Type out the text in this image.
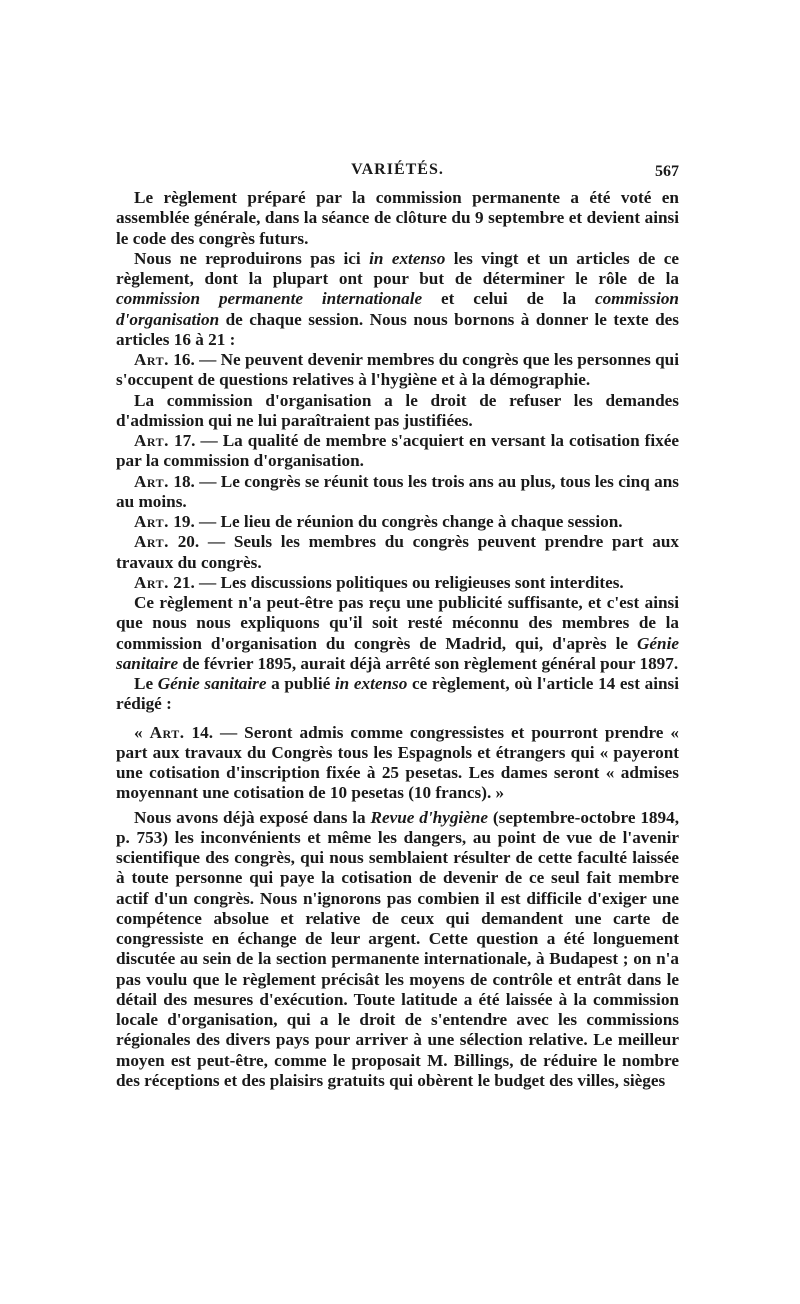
VARIÉTÉS.	567

Le règlement préparé par la commission permanente a été voté en assemblée générale, dans la séance de clôture du 9 septembre et devient ainsi le code des congrès futurs.

Nous ne reproduirons pas ici in extenso les vingt et un articles de ce règlement, dont la plupart ont pour but de déterminer le rôle de la commission permanente internationale et celui de la commission d'organisation de chaque session. Nous nous bornons à donner le texte des articles 16 à 21 :

Art. 16. — Ne peuvent devenir membres du congrès que les personnes qui s'occupent de questions relatives à l'hygiène et à la démographie.

La commission d'organisation a le droit de refuser les demandes d'admission qui ne lui paraîtraient pas justifiées.

Art. 17. — La qualité de membre s'acquiert en versant la cotisation fixée par la commission d'organisation.

Art. 18. — Le congrès se réunit tous les trois ans au plus, tous les cinq ans au moins.

Art. 19. — Le lieu de réunion du congrès change à chaque session.

Art. 20. — Seuls les membres du congrès peuvent prendre part aux travaux du congrès.

Art. 21. — Les discussions politiques ou religieuses sont interdites.

Ce règlement n'a peut-être pas reçu une publicité suffisante, et c'est ainsi que nous nous expliquons qu'il soit resté méconnu des membres de la commission d'organisation du congrès de Madrid, qui, d'après le Génie sanitaire de février 1895, aurait déjà arrêté son règlement général pour 1897.

Le Génie sanitaire a publié in extenso ce règlement, où l'article 14 est ainsi rédigé :

« Art. 14. — Seront admis comme congressistes et pourront prendre « part aux travaux du Congrès tous les Espagnols et étrangers qui « payeront une cotisation d'inscription fixée à 25 pesetas. Les dames seront « admises moyennant une cotisation de 10 pesetas (10 francs). »

Nous avons déjà exposé dans la Revue d'hygiène (septembre-octobre 1894, p. 753) les inconvénients et même les dangers, au point de vue de l'avenir scientifique des congrès, qui nous semblaient résulter de cette faculté laissée à toute personne qui paye la cotisation de devenir de ce seul fait membre actif d'un congrès. Nous n'ignorons pas combien il est difficile d'exiger une compétence absolue et relative de ceux qui demandent une carte de congressiste en échange de leur argent. Cette question a été longuement discutée au sein de la section permanente internationale, à Budapest ; on n'a pas voulu que le règlement précisât les moyens de contrôle et entrât dans le détail des mesures d'exécution. Toute latitude a été laissée à la commission locale d'organisation, qui a le droit de s'entendre avec les commissions régionales des divers pays pour arriver à une sélection relative. Le meilleur moyen est peut-être, comme le proposait M. Billings, de réduire le nombre des réceptions et des plaisirs gratuits qui obèrent le budget des villes, sièges
